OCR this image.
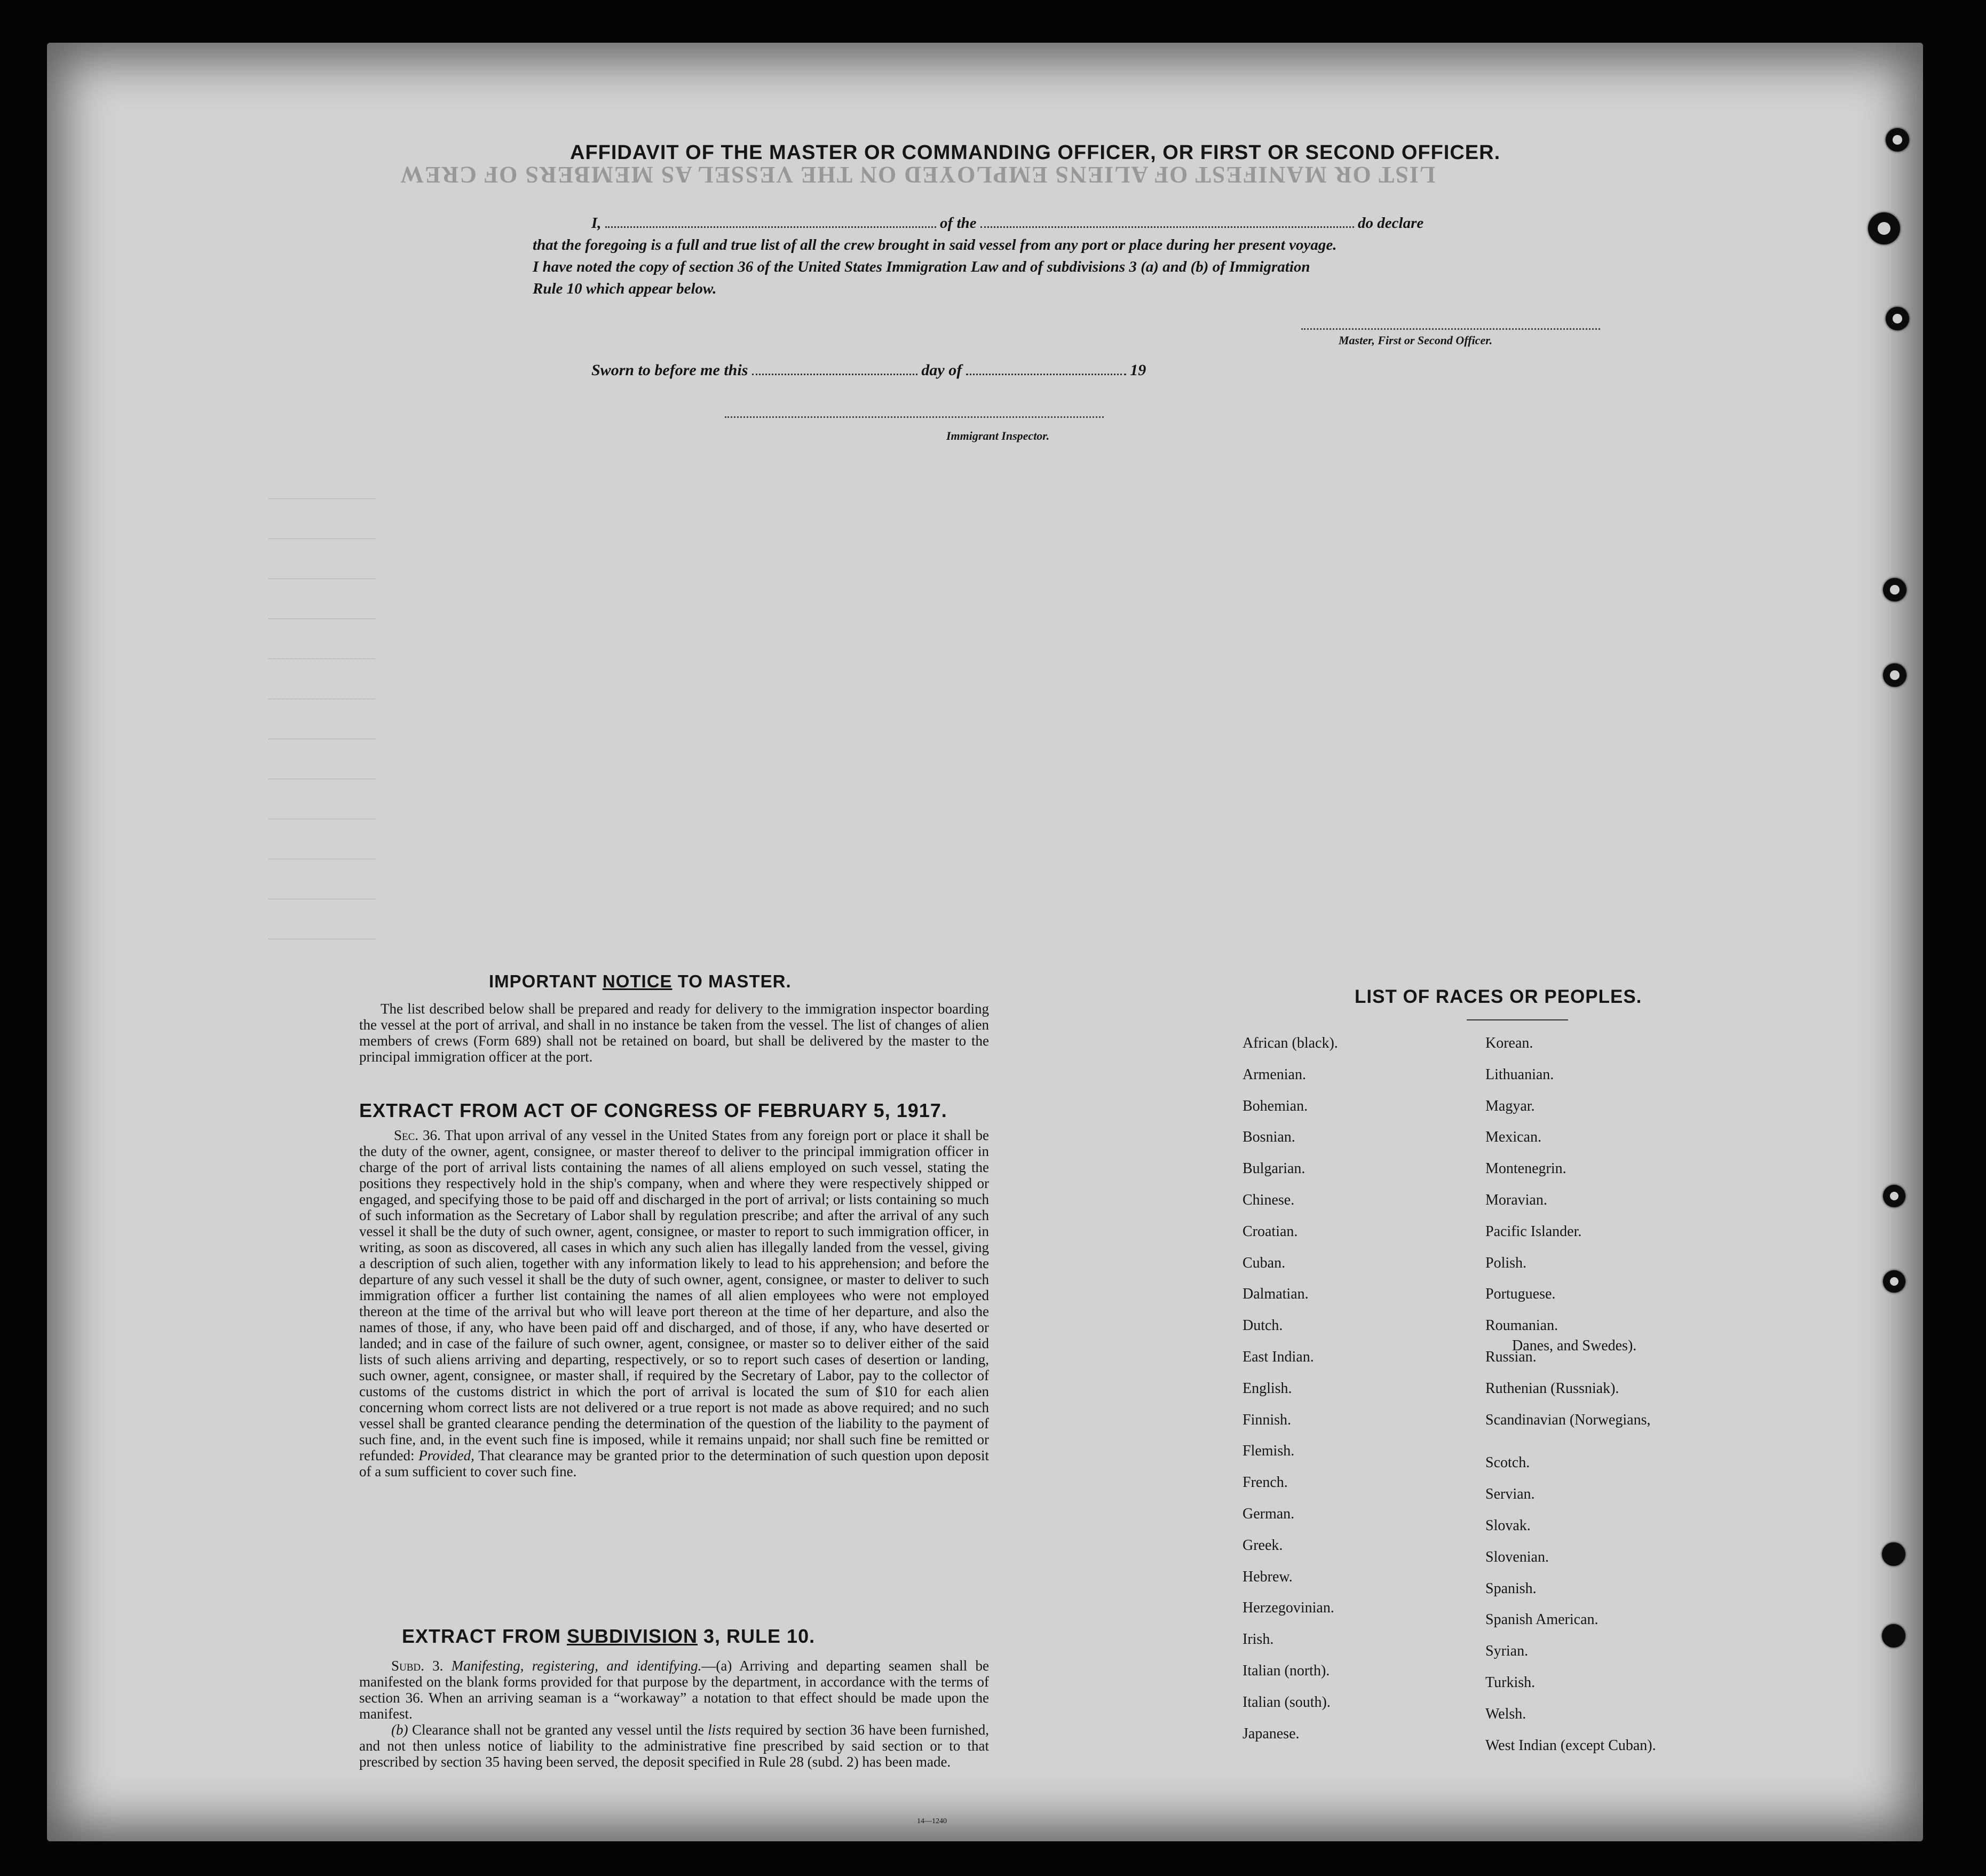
LIST OR MANIFEST OF ALIENS EMPLOYED ON THE VESSEL AS MEMBERS OF CREW
AFFIDAVIT OF THE MASTER OR COMMANDING OFFICER, OR FIRST OR SECOND OFFICER.
I,	of the	do declare
that the foregoing is a full and true list of all the crew brought in said vessel from any port or place during her present voyage.
I have noted the copy of section 36 of the United States Immigration Law and of subdivisions 3 (a) and (b) of Immigration
Rule 10 which appear below.
Master, First or Second Officer.
Sworn to before me this	day of	19
Immigrant Inspector.
IMPORTANT NOTICE TO MASTER.
The list described below shall be prepared and ready for delivery to the immigration inspector boarding the vessel at the port of arrival, and shall in no instance be taken from the vessel. The list of changes of alien members of crews (Form 689) shall not be retained on board, but shall be delivered by the master to the principal immigration officer at the port.
EXTRACT FROM ACT OF CONGRESS OF FEBRUARY 5, 1917.
Sec. 36. That upon arrival of any vessel in the United States from any foreign port or place it shall be the duty of the owner, agent, consignee, or master thereof to deliver to the principal immigration officer in charge of the port of arrival lists containing the names of all aliens employed on such vessel, stating the positions they respectively hold in the ship's company, when and where they were respectively shipped or engaged, and specifying those to be paid off and discharged in the port of arrival; or lists containing so much of such information as the Secretary of Labor shall by regulation prescribe; and after the arrival of any such vessel it shall be the duty of such owner, agent, consignee, or master to report to such immigration officer, in writing, as soon as discovered, all cases in which any such alien has illegally landed from the vessel, giving a description of such alien, together with any information likely to lead to his apprehension; and before the departure of any such vessel it shall be the duty of such owner, agent, consignee, or master to deliver to such immigration officer a further list containing the names of all alien employees who were not employed thereon at the time of the arrival but who will leave port thereon at the time of her departure, and also the names of those, if any, who have been paid off and discharged, and of those, if any, who have deserted or landed; and in case of the failure of such owner, agent, consignee, or master so to deliver either of the said lists of such aliens arriving and departing, respectively, or so to report such cases of desertion or landing, such owner, agent, consignee, or master shall, if required by the Secretary of Labor, pay to the collector of customs of the customs district in which the port of arrival is located the sum of $10 for each alien concerning whom correct lists are not delivered or a true report is not made as above required; and no such vessel shall be granted clearance pending the determination of the question of the liability to the payment of such fine, and, in the event such fine is imposed, while it remains unpaid; nor shall such fine be remitted or refunded: Provided, That clearance may be granted prior to the determination of such question upon deposit of a sum sufficient to cover such fine.
EXTRACT FROM SUBDIVISION 3, RULE 10.
Subd. 3. Manifesting, registering, and identifying.—(a) Arriving and departing seamen shall be manifested on the blank forms provided for that purpose by the department, in accordance with the terms of section 36. When an arriving seaman is a “workaway” a notation to that effect should be made upon the manifest.
(b) Clearance shall not be granted any vessel until the lists required by section 36 have been furnished, and not then unless notice of liability to the administrative fine prescribed by said section or to that prescribed by section 35 having been served, the deposit specified in Rule 28 (subd. 2) has been made.
14—1240
LIST OF RACES OR PEOPLES.
African (black).
Armenian.
Bohemian.
Bosnian.
Bulgarian.
Chinese.
Croatian.
Cuban.
Dalmatian.
Dutch.
East Indian.
English.
Finnish.
Flemish.
French.
German.
Greek.
Hebrew.
Herzegovinian.
Irish.
Italian (north).
Italian (south).
Japanese.
Korean.
Lithuanian.
Magyar.
Mexican.
Montenegrin.
Moravian.
Pacific Islander.
Polish.
Portuguese.
Roumanian.
Russian.
Ruthenian (Russniak).
Scandinavian (Norwegians,
Scotch.
Servian.
Slovak.
Slovenian.
Spanish.
Spanish American.
Syrian.
Turkish.
Welsh.
West Indian (except Cuban).
Danes, and Swedes).
